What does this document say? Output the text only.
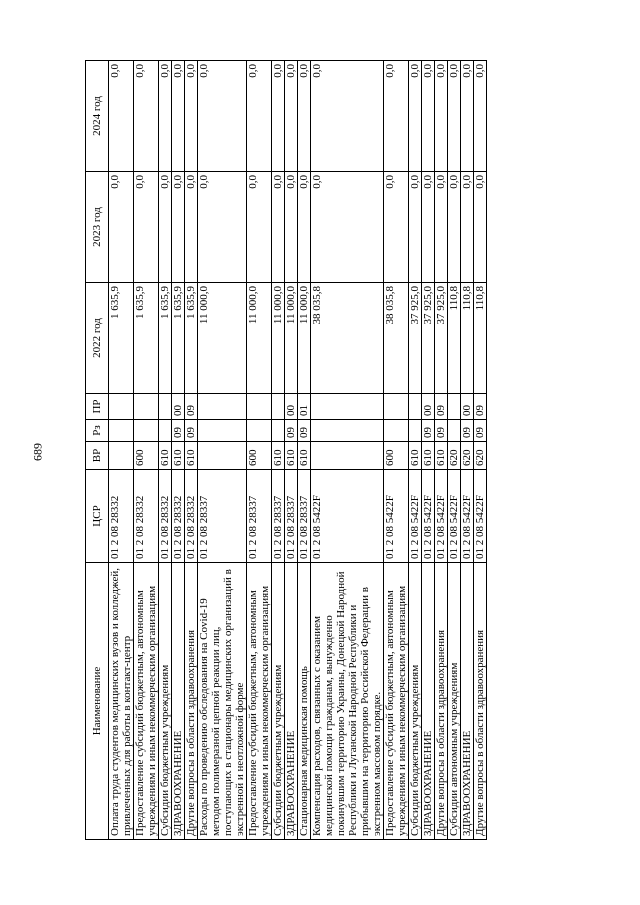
689
Наименование	ЦСР	ВР	Рз	ПР	2022 год	2023 год	2024 год
Оплата труда студентов медицинских вузов и колледжей, привлеченных для работы в контакт-центр	01 2 08 28332				1 635,9	0,0	0,0
Предоставление субсидий бюджетным, автономным учреждениям и иным некоммерческим организациям	01 2 08 28332	600			1 635,9	0,0	0,0
Субсидии бюджетным учреждениям	01 2 08 28332	610			1 635,9	0,0	0,0
ЗДРАВООХРАНЕНИЕ	01 2 08 28332	610	09	00	1 635,9	0,0	0,0
Другие вопросы в области здравоохранения	01 2 08 28332	610	09	09	1 635,9	0,0	0,0
Расходы по проведению обследования на Covid-19 методом полимеразной цепной реакции лиц, поступающих в стационары медицинских организаций в экстренной и неотложной форме	01 2 08 28337				11 000,0	0,0	0,0
Предоставление субсидий бюджетным, автономным учреждениям и иным некоммерческим организациям	01 2 08 28337	600			11 000,0	0,0	0,0
Субсидии бюджетным учреждениям	01 2 08 28337	610			11 000,0	0,0	0,0
ЗДРАВООХРАНЕНИЕ	01 2 08 28337	610	09	00	11 000,0	0,0	0,0
Стационарная медицинская помощь	01 2 08 28337	610	09	01	11 000,0	0,0	0,0
Компенсация расходов, связанных с оказанием медицинской помощи гражданам, вынужденно покинувшим территорию Украины, Донецкой Народной Республики и Луганской Народной Республики и прибывшим на территорию Российской Федерации в экстренном массовом порядке.	01 2 08 5422F				38 035,8	0,0	0,0
Предоставление субсидий бюджетным, автономным учреждениям и иным некоммерческим организациям	01 2 08 5422F	600			38 035,8	0,0	0,0
Субсидии бюджетным учреждениям	01 2 08 5422F	610			37 925,0	0,0	0,0
ЗДРАВООХРАНЕНИЕ	01 2 08 5422F	610	09	00	37 925,0	0,0	0,0
Другие вопросы в области здравоохранения	01 2 08 5422F	610	09	09	37 925,0	0,0	0,0
Субсидии автономным учреждениям	01 2 08 5422F	620			110,8	0,0	0,0
ЗДРАВООХРАНЕНИЕ	01 2 08 5422F	620	09	00	110,8	0,0	0,0
Другие вопросы в области здравоохранения	01 2 08 5422F	620	09	09	110,8	0,0	0,0
